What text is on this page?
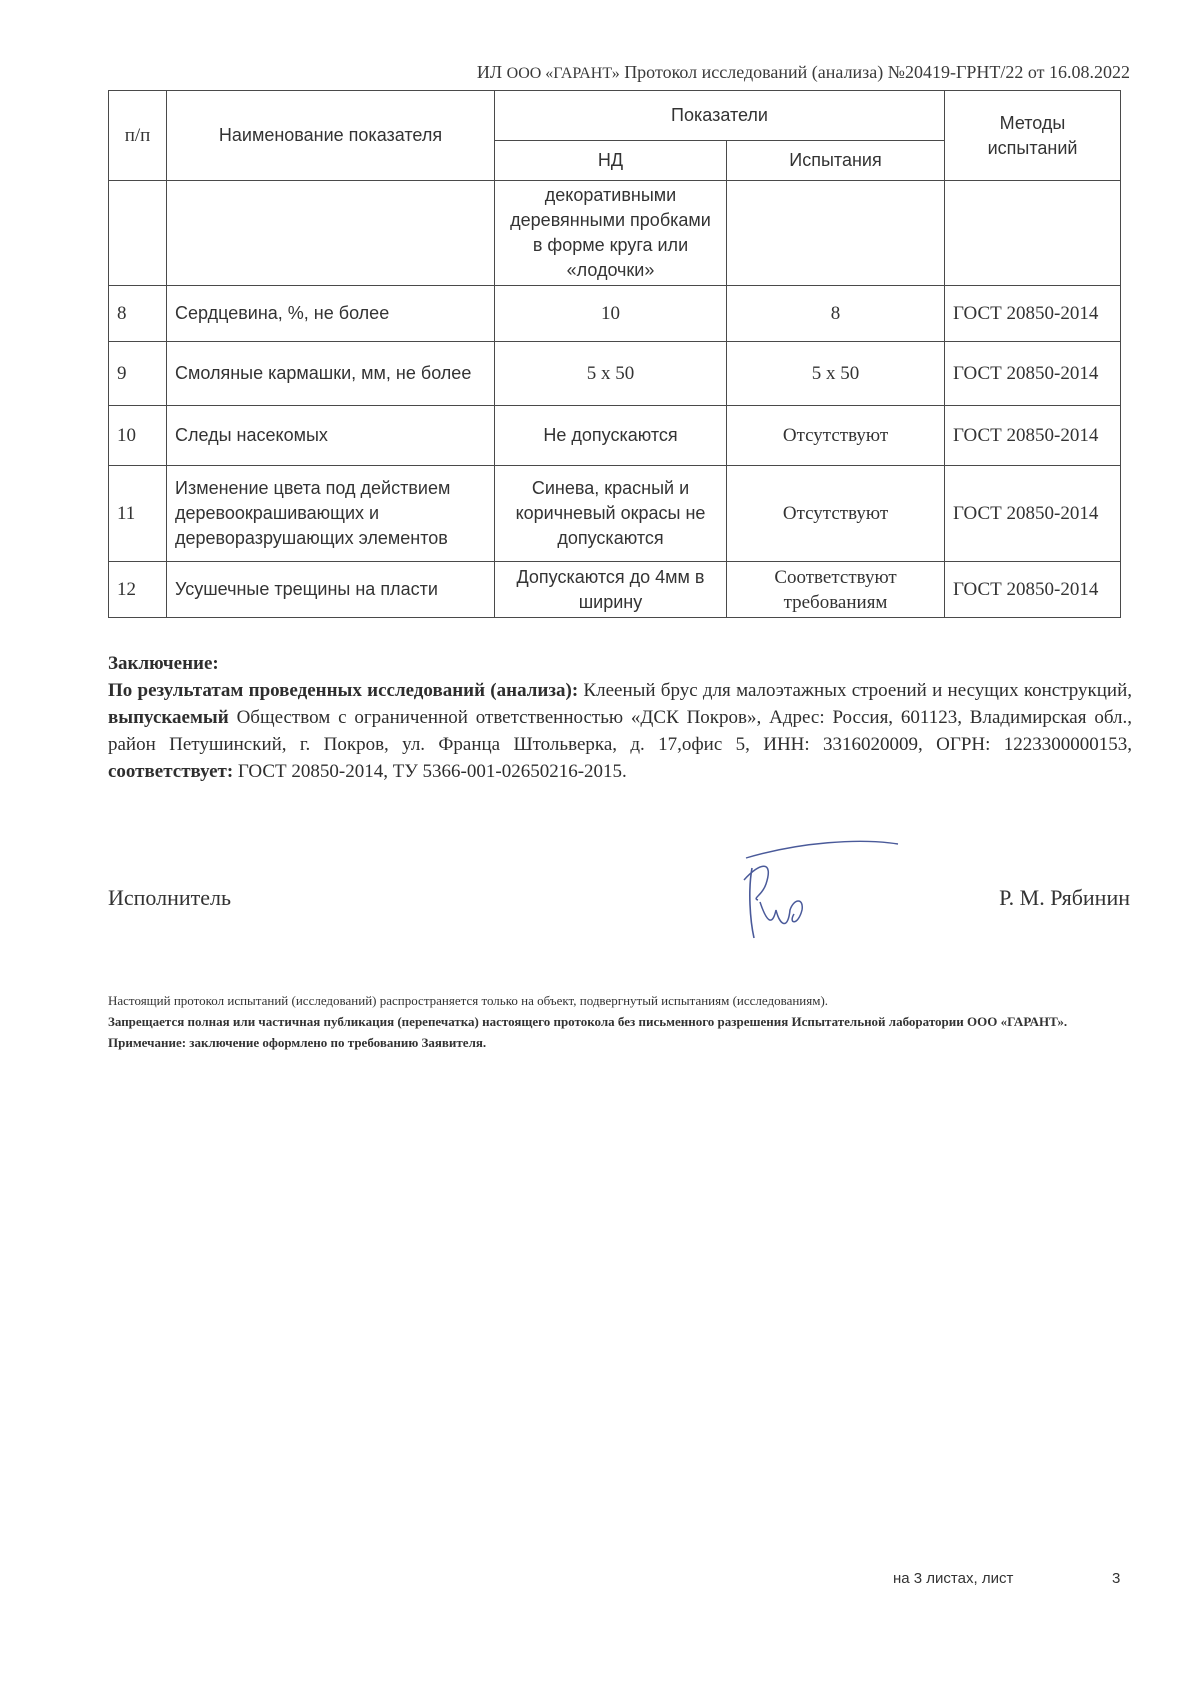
ИЛ ООО «ГАРАНТ» Протокол исследований (анализа) №20419-ГРНТ/22 от 16.08.2022
п/п	Наименование показателя	Показатели		Методы испытаний
		НД	Испытания	
		декоративными деревянными пробками в форме круга или «лодочки»		
8	Сердцевина, %, не более	10	8	ГОСТ 20850-2014
9	Смоляные кармашки, мм, не более	5 х 50	5 х 50	ГОСТ 20850-2014
10	Следы насекомых	Не допускаются	Отсутствуют	ГОСТ 20850-2014
11	Изменение цвета под действием деревоокрашивающих и дереворазрушающих элементов	Синева, красный и коричневый окрасы не допускаются	Отсутствуют	ГОСТ 20850-2014
12	Усушечные трещины на пласти	Допускаются до 4мм в ширину	Соответствуют требованиям	ГОСТ 20850-2014
Заключение:
По результатам проведенных исследований (анализа): Клееный брус для малоэтажных строений и несущих конструкций, выпускаемый Обществом с ограниченной ответственностью «ДСК Покров», Адрес: Россия, 601123, Владимирская обл., район Петушинский, г. Покров, ул. Франца Штольверка, д. 17,офис 5, ИНН: 3316020009, ОГРН: 1223300000153, соответствует: ГОСТ 20850-2014, ТУ 5366-001-02650216-2015.
Исполнитель	Р. М. Рябинин
Настоящий протокол испытаний (исследований) распространяется только на объект, подвергнутый испытаниям (исследованиям).
Запрещается полная или частичная публикация (перепечатка) настоящего протокола без письменного разрешения Испытательной лаборатории ООО «ГАРАНТ».
Примечание: заключение оформлено по требованию Заявителя.
на 3 листах, лист	3
